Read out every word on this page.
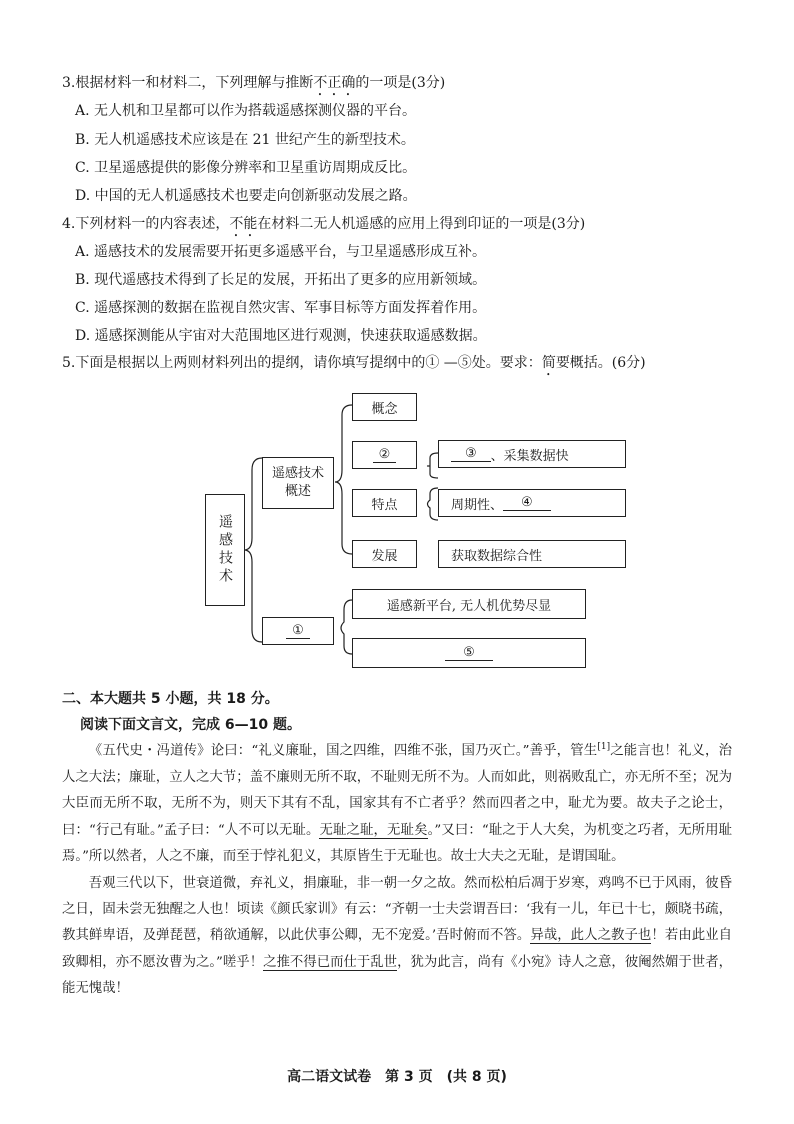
3.根据材料一和材料二，下列理解与推断不正确的一项是(3分)
A. 无人机和卫星都可以作为搭载遥感探测仪器的平台。
B. 无人机遥感技术应该是在 21 世纪产生的新型技术。
C. 卫星遥感提供的影像分辨率和卫星重访周期成反比。
D. 中国的无人机遥感技术也要走向创新驱动发展之路。
4.下列材料一的内容表述，不能在材料二无人机遥感的应用上得到印证的一项是(3分)
A. 遥感技术的发展需要开拓更多遥感平台，与卫星遥感形成互补。
B. 现代遥感技术得到了长足的发展，开拓出了更多的应用新领域。
C. 遥感探测的数据在监视自然灾害、军事目标等方面发挥着作用。
D. 遥感探测能从宇宙对大范围地区进行观测，快速获取遥感数据。
5.下面是根据以上两则材料列出的提纲，请你填写提纲中的① —⑤处。要求：简要概括。(6分)
遥感技术
遥感技术概述
概念
②
特点
发展
③	、采集数据快
周期性、	④
获取数据综合性
①
遥感新平台, 无人机优势尽显
⑤
二、本大题共 5 小题，共 18 分。
阅读下面文言文，完成 6—10 题。

《五代史・冯道传》论曰：“礼义廉耻，国之四维，四维不张，国乃灭亡。”善乎，管生[1]之能言也！礼义，治人之大法；廉耻，立人之大节；盖不廉则无所不取，不耻则无所不为。人而如此，则祸败乱亡，亦无所不至；况为大臣而无所不取，无所不为，则天下其有不乱，国家其有不亡者乎？然而四者之中，耻尤为要。故夫子之论士，曰：“行己有耻。”孟子曰：“人不可以无耻。无耻之耻，无耻矣。”又曰：“耻之于人大矣，为机变之巧者，无所用耻焉。”所以然者，人之不廉，而至于悖礼犯义，其原皆生于无耻也。故士大夫之无耻，是谓国耻。

吾观三代以下，世衰道微，弃礼义，捐廉耻，非一朝一夕之故。然而松柏后凋于岁寒，鸡鸣不已于风雨，彼昏之日，固未尝无独醒之人也！顷读《颜氏家训》有云：“齐朝一士夫尝谓吾曰：‘我有一儿，年已十七，颇晓书疏，教其鲜卑语，及弹琵琶，稍欲通解，以此伏事公卿，无不宠爱。’吾时俯而不答。异哉，此人之教子也！若由此业自致卿相，亦不愿汝曹为之。”嗟乎！之推不得已而仕于乱世，犹为此言，尚有《小宛》诗人之意，彼阉然媚于世者，能无愧哉！

高二语文试卷　第 3 页　(共 8 页)
